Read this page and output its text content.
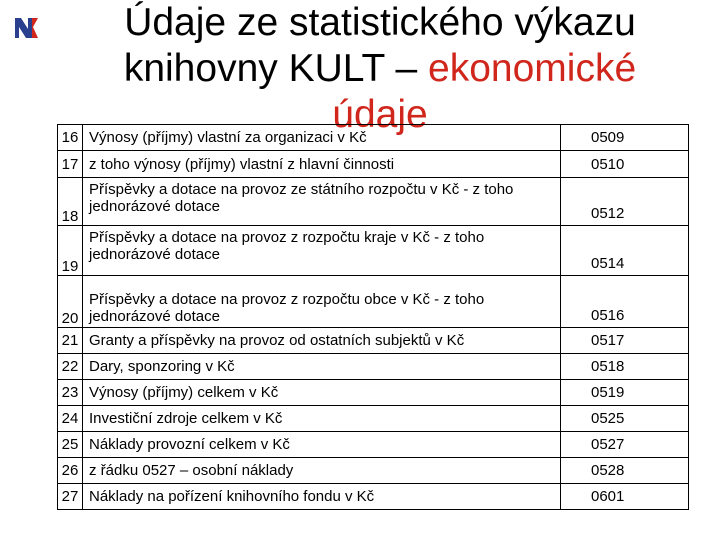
Údaje ze statistického výkazu
knihovny KULT – ekonomické
údaje
16	Výnosy (příjmy) vlastní za organizaci v Kč	0509
17	z toho výnosy (příjmy) vlastní z hlavní činnosti	0510
18	Příspěvky a dotace na provoz ze státního rozpočtu v Kč - z toho jednorázové dotace	0512
19	Příspěvky a dotace na provoz z rozpočtu kraje v Kč - z toho jednorázové dotace	0514
20	Příspěvky a dotace na provoz z rozpočtu obce v Kč - z toho jednorázové dotace	0516
21	Granty a příspěvky na provoz od ostatních subjektů v Kč	0517
22	Dary, sponzoring v Kč	0518
23	Výnosy (příjmy) celkem v Kč	0519
24	Investiční zdroje celkem v Kč	0525
25	Náklady provozní celkem v Kč	0527
26	z řádku 0527 – osobní náklady	0528
27	Náklady na pořízení knihovního fondu v Kč	0601
